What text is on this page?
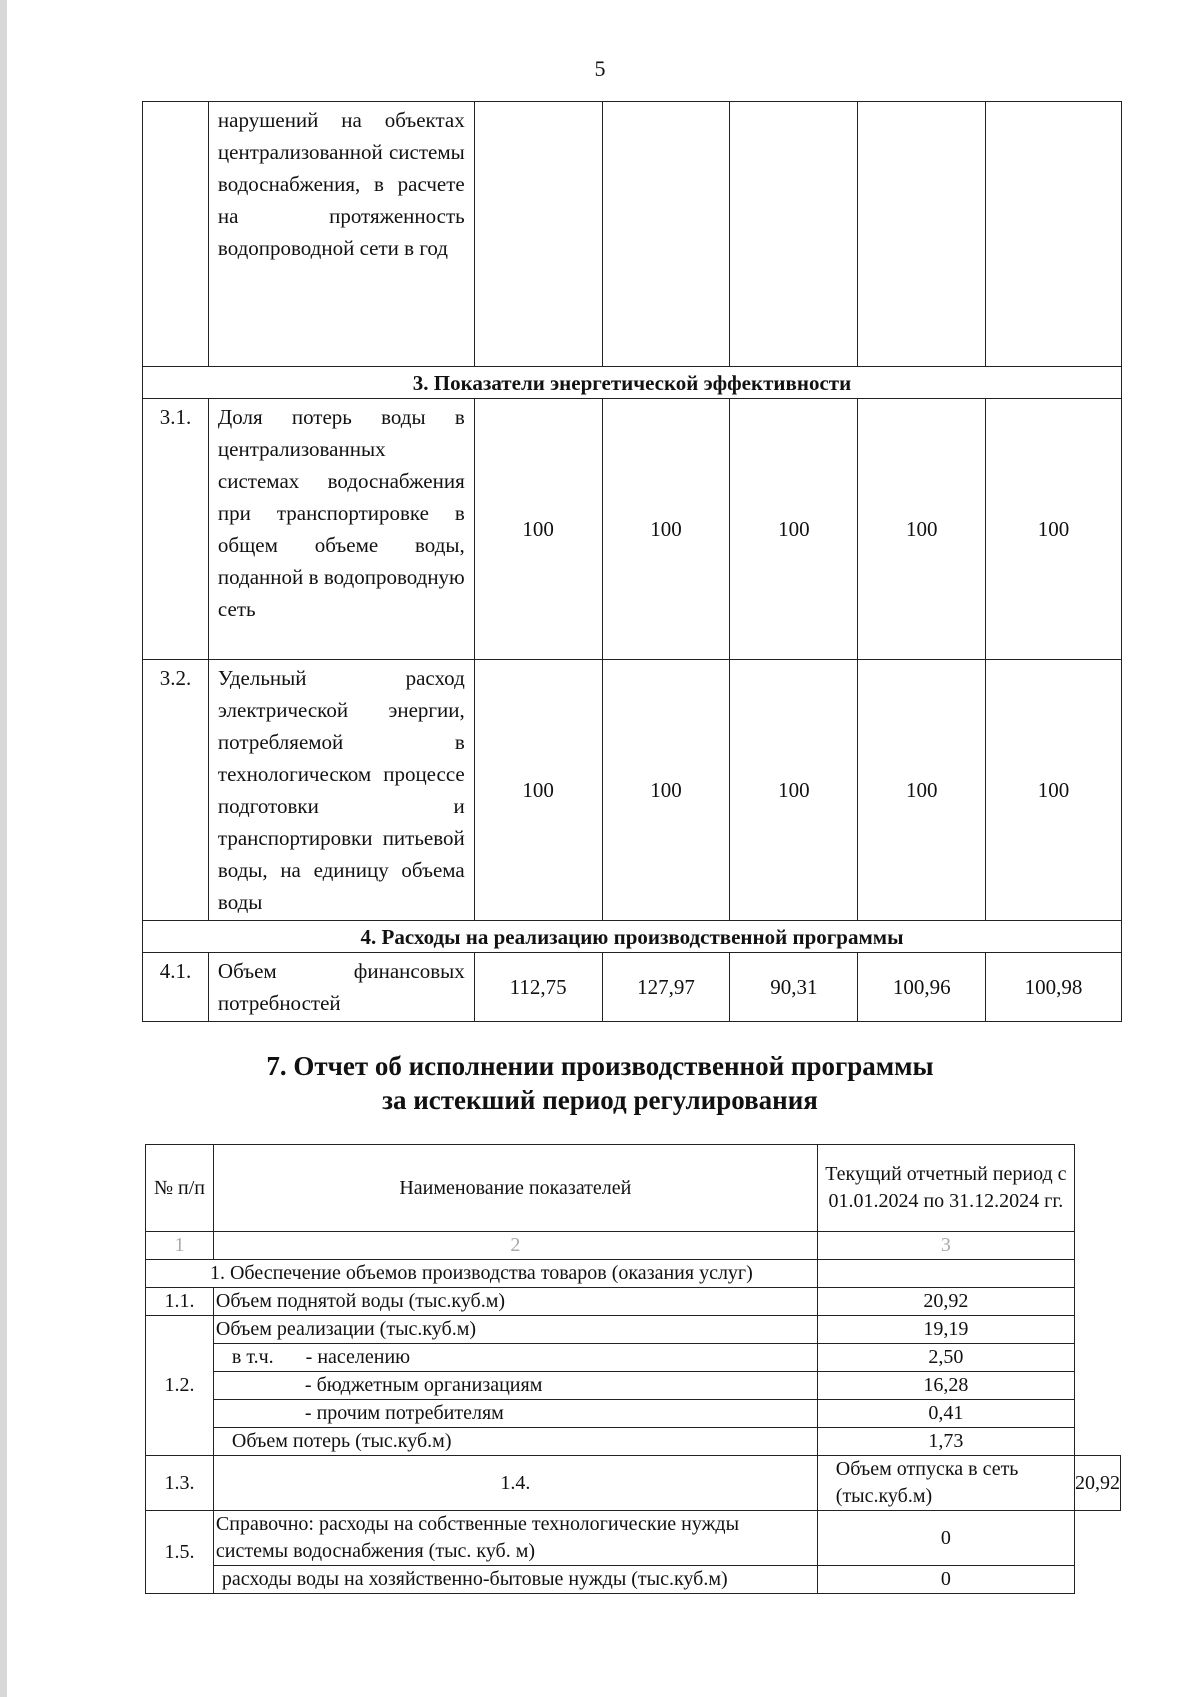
5
	нарушений на объектах централизованной системы водоснабжения, в расчете на протяженность водопроводной сети в год					
3. Показатели энергетической эффективности						
3.1.	Доля потерь воды в централизованных системах водоснабжения при транспортировке в общем объеме воды, поданной в водопроводную сеть	100	100	100	100	100
3.2.	Удельный расход электрической энергии, потребляемой в технологическом процессе подготовки и транспортировки питьевой воды, на единицу объема воды	100	100	100	100	100
4. Расходы на реализацию производственной программы						
4.1.	Объем финансовых потребностей	112,75	127,97	90,31	100,96	100,98
7. Отчет об исполнении производственной программы
за истекший период регулирования
№ п/п	Наименование показателей	Текущий отчетный период с 01.01.2024 по 31.12.2024 гг.	
1	2	3	
1. Обеспечение объемов производства товаров (оказания услуг)			
1.1.	Объем поднятой воды (тыс.куб.м)	20,92	
1.2.	Объем реализации (тыс.куб.м)	19,19	
	в т.ч. - населению	2,50	
	- бюджетным организациям	16,28	
	- прочим потребителям	0,41	
	Объем потерь (тыс.куб.м)	1,73	
1.3.	1.4.	Объем отпуска в сеть (тыс.куб.м)	20,92
1.5.	Справочно: расходы на собственные технологические нужды системы водоснабжения (тыс. куб. м)	0	
	расходы воды на хозяйственно-бытовые нужды (тыс.куб.м)	0	
